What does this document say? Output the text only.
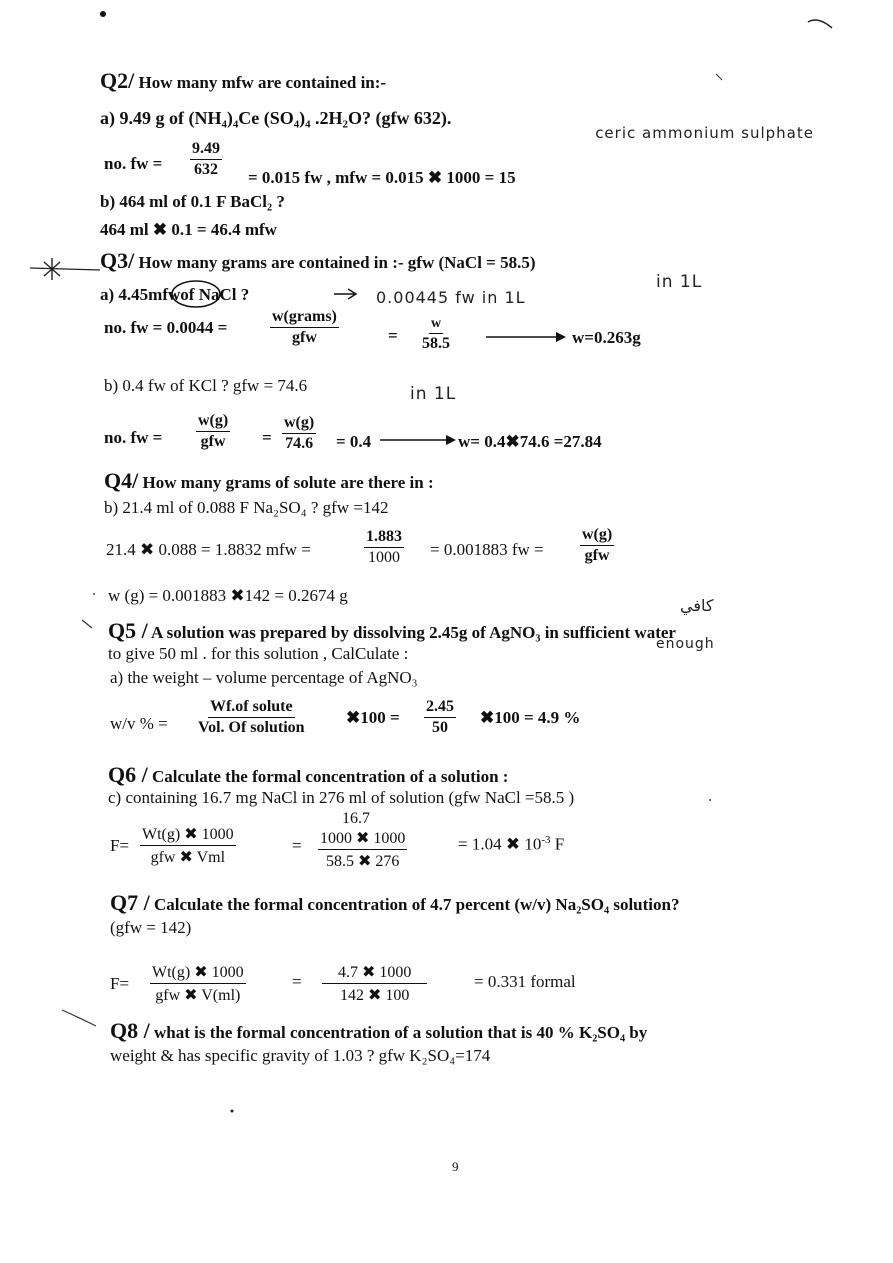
Q2/ How many mfw are contained in:-
a) 9.49 g of (NH₄)₄Ce (SO₄)₄ .2H₂O? (gfw 632).
ceric ammonium sulphate
no. fw = $\frac{9.49}{632} = 0.015$ fw , mfw = 0.015 ✖ 1000 = 15
b) 464 ml of 0.1 F BaCl₂ ?
464 ml ✖ 0.1 = 46.4 mfw
Q3/ How many grams are contained in :- gfw (NaCl = 58.5)
in 1L
a) 4.45mfwof NaCl ?	0.00445 fw in 1L
no. fw = 0.0044 =
w(grams)
gfw	= $\frac{w}{58.5}$	w=0.263g
b) 0.4 fw of KCl ? gfw = 74.6	in 1L
no. fw =
w(g)
gfw = $\frac{w(g)}{74.6} = 0.4$	w= 0.4✖74.6 =27.84
Q4/ How many grams of solute are there in :
b) 21.4 ml of 0.088 F Na₂SO₄ ? gfw =142
21.4 ✖ 0.088 = 1.8832 mfw =	$\frac{1.883}{1000} = 0.001883$ fw =
w(g)
gfw
w (g) = 0.001883 ✖142 = 0.2674 g
كافي
Q5 / A solution was prepared by dissolving 2.45g of AgNO₃ in sufficient water
enough
to give 50 ml . for this solution , CalCulate :
a) the weight – volume percentage of AgNO₃
w/v % =
Wf.of solute
Vol. Of solution
✖100 = $\frac{2.45}{50}$ ✖100 = 4.9 %
Q6 / Calculate the formal concentration of a solution :
c) containing 16.7 mg NaCl in 276 ml of solution (gfw NaCl =58.5 )
F=
Wt(g) ✖ 1000
gfw ✖ Vml
=
16.7
$\frac{1000 ✖ 1000}{58.5 ✖ 276}$	= 1.04 ✖ $10^{-3}$ F
Q7 / Calculate the formal concentration of 4.7 percent (w/v) Na₂SO₄ solution?
(gfw = 142)
F=
Wt(g) ✖ 1000
gfw ✖ V(ml)
= $\frac{4.7 ✖ 1000}{142 ✖ 100}$	= 0.331 formal
Q8 / what is the formal concentration of a solution that is 40 % K₂SO₄ by
weight & has specific gravity of 1.03 ? gfw K₂SO₄=174
9
